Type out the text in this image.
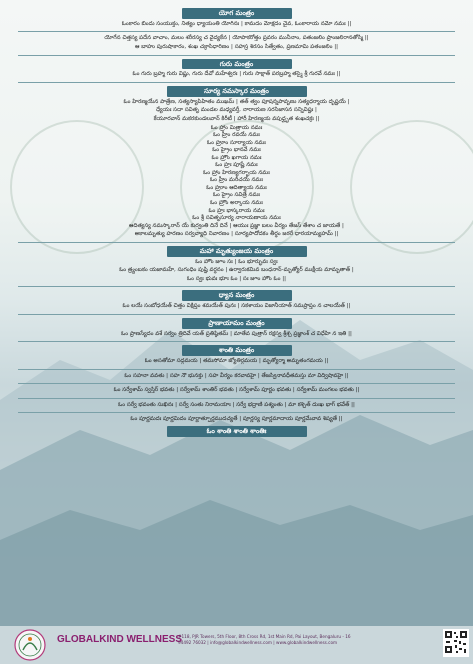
యోగ మంత్రం
ఓంకారం బిందు సంయుక్తం, నిత్యం ధ్యాయంతి యోగినః | కామదం మోక్షదం చైవ, ఓంకారాయ నమో నమః ||
యోగేన చిత్తస్య పదేన వాచాం, మలం శరీరస్య చ వైద్యకేన | యోపాకరోత్తం ప్రవరం మునీనాం, పతంజలిం ప్రాంజలిరానతోస్మి ||
ఆ బాహు పురుషాకారం, శంఖ చక్రాసిధారిణం | సహస్ర శిరసం సిత్వేతం, ప్రణమామి పతంజలిం ||
గురు మంత్రం
ఓం గురు బ్రహ్మ గురు విష్ణు, గురు దేవో మహేశ్వరః | గురు సాక్షాత్ పరబ్రహ్మ తస్మై శ్రీ గురవే నమః ||
సూర్య నమస్కార మంత్రం
ఓం హిరణ్మయేన పాత్రేణ, సత్యస్యాపిహితం ముఖమ్ | తత్ త్వం పూషన్నపావృణు సత్యధర్మాయ దృష్టయే |
ధ్యేయః సదా సవితృ మండల మధ్యవర్తీ, నారాయణ సరసిజాసన సన్నివిష్టః |
కేయూరవాన్ మకరకుండలవాన్ కిరీటీ | హారీ హిరణ్మయ వపుధ్ఘృత శంఖచక్రః ||
ఓం హ్రాం మిత్రాయ నమః
ఓం హ్రీం రవయే నమః
ఓం హ్రూం సూర్యాయ నమః
ఓం హ్రైం భానవే నమః
ఓం హ్రౌం ఖగాయ నమః
ఓం హ్రః పూష్ణే నమః
ఓం హ్రాం హిరణ్యగర్భాయ నమః
ఓం హ్రీం మరీచయే నమః
ఓం హ్రూం ఆదిత్యాయ నమః
ఓం హ్రైం సవిత్రే నమః
ఓం హ్రౌం అర్కాయ నమః
ఓం హ్రః భాస్కరాయ నమః
ఓం శ్రీ సవితృసూర్య నారాయణాయ నమః
ఆదిత్యస్య నమస్కారాన్ యే కుర్వంతి దినే దినే | ఆయుః ప్రజ్ఞా బలం వీర్యం తేజస్ తేశాం చ జాయతే |
అకాలమృత్యు హరణం సర్వవ్యాధి నివారణం | సూర్యపాదోదకం తీర్థం జఠరే ధారయామ్యహమ్ ||
మహా మృత్యుంజయ మంత్రం
ఓం హౌం జూం సః | ఓం భూర్భువః స్వః
ఓం త్ర్యంబకం యజామహే, సుగంధిం పుష్టి వర్ధనం | ఉర్వారుకమివ బంధనాన్-మృత్యోర్ ముక్షీయ మామృతాత్ |
ఓం స్వః భువః భూః ఓం | సః జూం హౌం ఓం ||
ధ్యాన మంత్రం
ఓం లయే సంబోధయేత్ చిత్తం విక్షిప్తం శమయేత్ పునః | సకశాయం విజానీయాత్ సమప్రాప్తం న చాలయేత్ ||
ప్రాణాయామం మంత్రం
ఓం ప్రాణస్యేదం వశే సర్వం త్రిదివే యత్ ప్రతిష్ఠితమ్ | మాతేవ పుత్రాన్ రక్షస్వ శ్రీశ్చ ప్రజ్ఞాంశ్ చ విధేహి న ఇతి ||
శాంతి మంత్రం
ఓం అసతోమా సద్గమయ | తమసోమా జ్యోతిర్గమయ | మృత్యోర్మా అమృతంగమయ ||
ఓం సహనా వవతు | సహ నౌ భునక్తు | సహ వీర్యం కరవావహై | తేజస్వినావధీతమస్తు మా విద్విషావహై ||
ఓం సర్వేశామ్ స్వస్తిర్ భవతు | సర్వేశామ్ శాంతిర్ భవతు | సర్వేశామ్ పూర్ణం భవతు | సర్వేశామ్ మంగలం భవతు ||
ఓం సర్వే భవంతు సుఖినః | సర్వే సంతు నిరామయాః | సర్వే భద్రాణి పశ్యంతు | మా కశ్చిత్ దుఃఖ భాగ్ భవేత్ ||
ఓం పూర్ణమదః పూర్ణమిదం పూర్ణాత్పూర్ణముదచ్యతే | పూర్ణస్య పూర్ణమాదాయ పూర్ణమేవావ శిష్యతే ||
ఓం శాంతి శాంతి శాంతిః
GLOBALKIND WELLNESS
#118, PJR Towers, 5th Floor, 8th Cross Rd, 1st Main Rd, Pai Layout, Bengaluru - 16
94492 76032 | info@globalkindwellness.com | www.globalkindwellness.com
